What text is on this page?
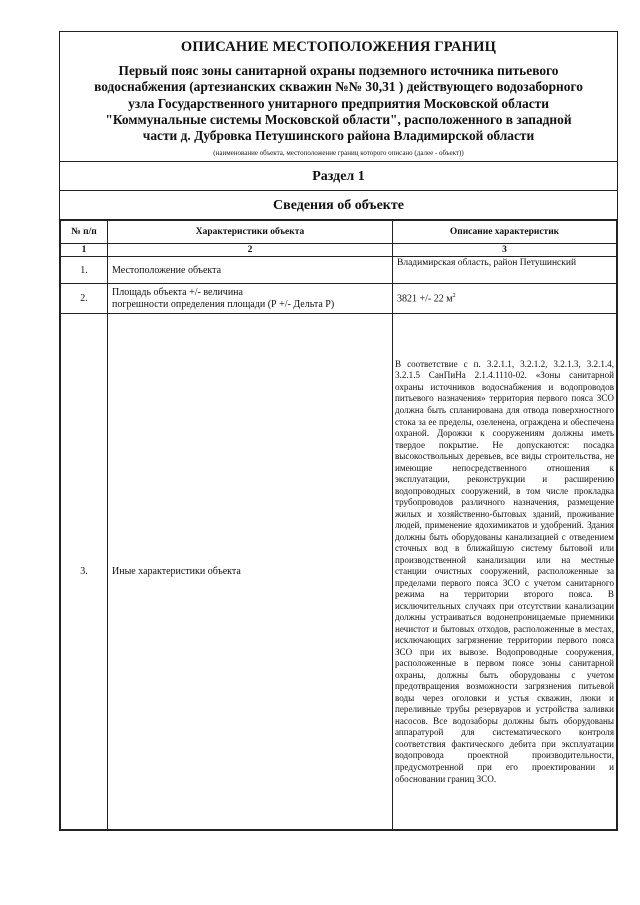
ОПИСАНИЕ МЕСТОПОЛОЖЕНИЯ ГРАНИЦ
Первый пояс зоны санитарной охраны подземного источника питьевого
водоснабжения (артезианских скважин №№ 30,31 ) действующего водозаборного
узла Государственного унитарного предприятия Московской области
"Коммунальные системы Московской области", расположенного в западной
части д. Дубровка Петушинского района Владимирской области
(наименование объекта, местоположение границ которого описано (далее - объект))
Раздел 1
Сведения об объекте
№ п/п	Характеристики объекта	Описание характеристик
1	2	3
1.	Местоположение объекта	Владимирская область, район Петушинский
2.	Площадь объекта +/- величина
погрешности определения площади (Р +/- Дельта Р)	3821 +/- 22 $м^2$
3.	Иные характеристики объекта	В соответствие с п. 3.2.1.1, 3.2.1.2, 3.2.1.3, 3.2.1.4, 3.2.1.5 СанПиНа 2.1.4.1110-02. «Зоны санитарной охраны источников водоснабжения и водопроводов питьевого назначения» территория первого пояса ЗСО должна быть спланирована для отвода поверхностного стока за ее пределы, озеленена, ограждена и обеспечена охраной. Дорожки к сооружениям должны иметь твердое покрытие. Не допускаются: посадка высокоствольных деревьев, все виды строительства, не имеющие непосредственного отношения к эксплуатации, реконструкции и расширению водопроводных сооружений, в том числе прокладка трубопроводов различного назначения, размещение жилых и хозяйственно-бытовых зданий, проживание людей, применение ядохимикатов и удобрений. Здания должны быть оборудованы канализацией с отведением сточных вод в ближайшую систему бытовой или производственной канализации или на местные станции очистных сооружений, расположенные за пределами первого пояса ЗСО с учетом санитарного режима на территории второго пояса. В исключительных случаях при отсутствии канализации должны устраиваться водонепроницаемые приемники нечистот и бытовых отходов, расположенные в местах, исключающих загрязнение территории первого пояса ЗСО при их вывозе. Водопроводные сооружения, расположенные в первом поясе зоны санитарной охраны, должны быть оборудованы с учетом предотвращения возможности загрязнения питьевой воды через оголовки и устья скважин, люки и переливные трубы резервуаров и устройства заливки насосов. Все водозаборы должны быть оборудованы аппаратурой для систематического контроля соответствия фактического дебита при эксплуатации водопровода проектной производительности, предусмотренной при его проектировании и обосновании границ ЗСО.
